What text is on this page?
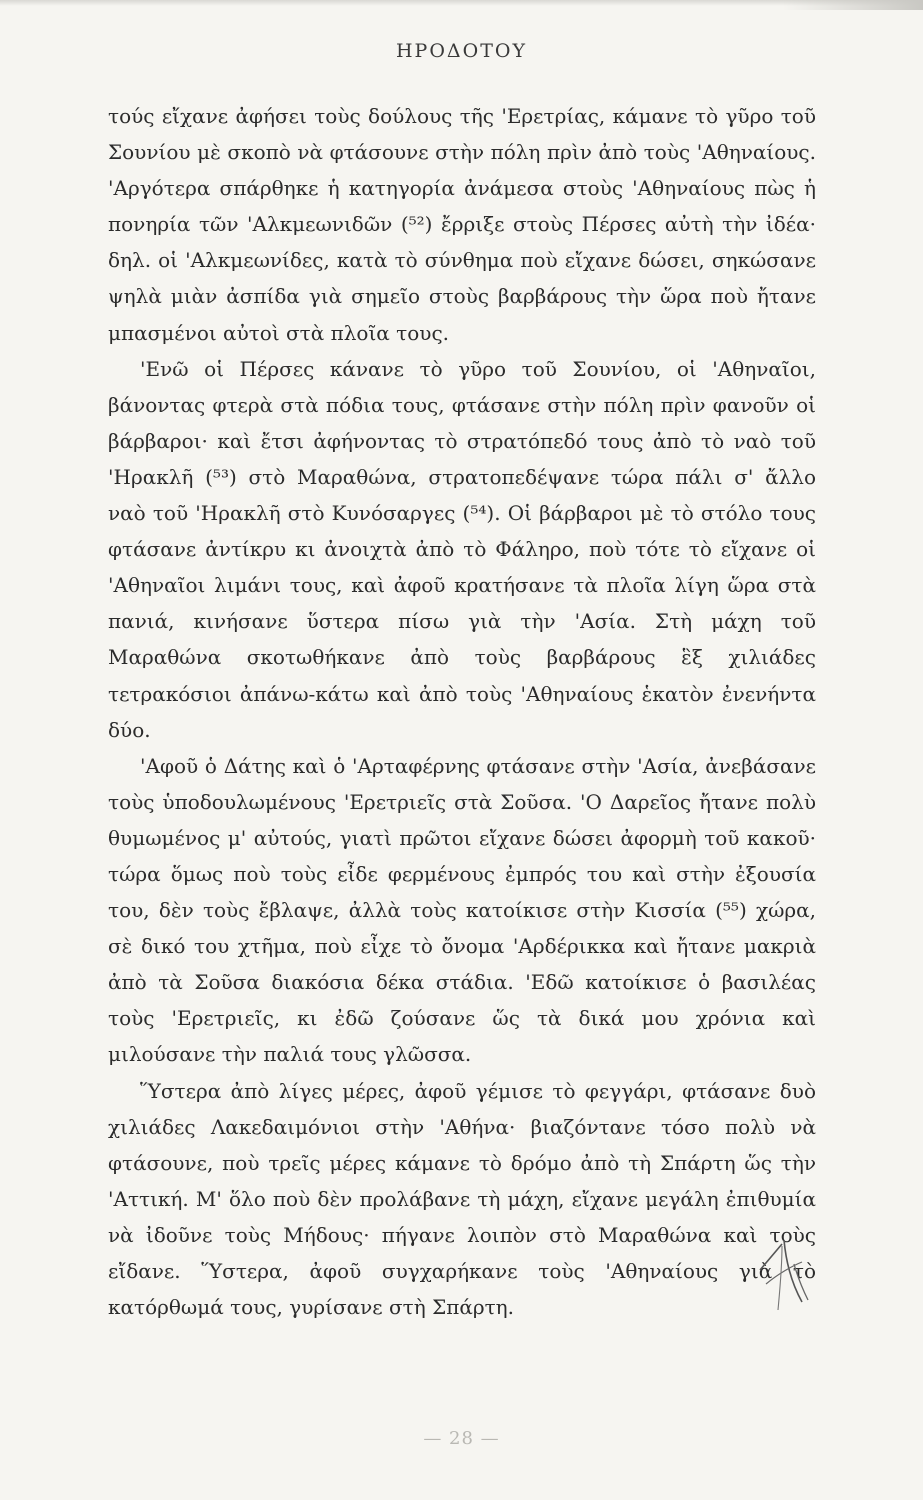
ΗΡΟΔΟΤΟΥ

τούς εἴχανε ἀφήσει τοὺς δούλους τῆς 'Ερετρίας, κάμανε τὸ γῦρο τοῦ Σουνίου μὲ σκοπὸ νὰ φτάσουνε στὴν πόλη πρὶν ἀπὸ τοὺς 'Αθηναίους. 'Αργότερα σπάρθηκε ἡ κατηγορία ἀνάμεσα στοὺς 'Αθηναίους πὼς ἡ πονηρία τῶν 'Αλκμεωνιδῶν (⁵²) ἔρριξε στοὺς Πέρσες αὐτὴ τὴν ἰδέα· δηλ. οἱ 'Αλκμεωνίδες, κατὰ τὸ σύνθημα ποὺ εἴχανε δώσει, σηκώσανε ψηλὰ μιὰν ἀσπίδα γιὰ σημεῖο στοὺς βαρβάρους τὴν ὥρα ποὺ ἤτανε μπασμένοι αὐτοὶ στὰ πλοῖα τους.

'Ενῶ οἱ Πέρσες κάνανε τὸ γῦρο τοῦ Σουνίου, οἱ 'Αθηναῖοι, βάνοντας φτερὰ στὰ πόδια τους, φτάσανε στὴν πόλη πρὶν φανοῦν οἱ βάρβαροι· καὶ ἔτσι ἀφήνοντας τὸ στρατόπεδό τους ἀπὸ τὸ ναὸ τοῦ 'Ηρακλῆ (⁵³) στὸ Μαραθώνα, στρατοπεδέψανε τώρα πάλι σ' ἄλλο ναὸ τοῦ 'Ηρακλῆ στὸ Κυνόσαργες (⁵⁴). Οἱ βάρβαροι μὲ τὸ στόλο τους φτάσανε ἀντίκρυ κι ἀνοιχτὰ ἀπὸ τὸ Φάληρο, ποὺ τότε τὸ εἴχανε οἱ 'Αθηναῖοι λιμάνι τους, καὶ ἀφοῦ κρατήσανε τὰ πλοῖα λίγη ὥρα στὰ πανιά, κινήσανε ὕστερα πίσω γιὰ τὴν 'Ασία. Στὴ μάχη τοῦ Μαραθώνα σκοτωθήκανε ἀπὸ τοὺς βαρβάρους ἓξ χιλιάδες τετρακόσιοι ἀπάνω-κάτω καὶ ἀπὸ τοὺς 'Αθηναίους ἑκατὸν ἐνενήντα δύο.

'Αφοῦ ὁ Δάτης καὶ ὁ 'Αρταφέρνης φτάσανε στὴν 'Ασία, ἀνεβάσανε τοὺς ὑποδουλωμένους 'Ερετριεῖς στὰ Σοῦσα. 'Ο Δαρεῖος ἤτανε πολὺ θυμωμένος μ' αὐτούς, γιατὶ πρῶτοι εἴχανε δώσει ἀφορμὴ τοῦ κακοῦ· τώρα ὅμως ποὺ τοὺς εἶδε φερμένους ἐμπρός του καὶ στὴν ἐξουσία του, δὲν τοὺς ἔβλαψε, ἀλλὰ τοὺς κατοίκισε στὴν Κισσία (⁵⁵) χώρα, σὲ δικό του χτῆμα, ποὺ εἶχε τὸ ὄνομα 'Αρδέρικκα καὶ ἤτανε μακριὰ ἀπὸ τὰ Σοῦσα διακόσια δέκα στάδια. 'Εδῶ κατοίκισε ὁ βασιλέας τοὺς 'Ερετριεῖς, κι ἐδῶ ζούσανε ὥς τὰ δικά μου χρόνια καὶ μιλούσανε τὴν παλιά τους γλῶσσα.

Ὕστερα ἀπὸ λίγες μέρες, ἀφοῦ γέμισε τὸ φεγγάρι, φτάσανε δυὸ χιλιάδες Λακεδαιμόνιοι στὴν 'Αθήνα· βιαζόντανε τόσο πολὺ νὰ φτάσουνε, ποὺ τρεῖς μέρες κάμανε τὸ δρόμο ἀπὸ τὴ Σπάρτη ὥς τὴν 'Αττική. Μ' ὅλο ποὺ δὲν προλάβανε τὴ μάχη, εἴχανε μεγάλη ἐπιθυμία νὰ ἰδοῦνε τοὺς Μήδους· πήγανε λοιπὸν στὸ Μαραθώνα καὶ τοὺς εἴδανε. Ὕστερα, ἀφοῦ συγχαρήκανε τοὺς 'Αθηναίους γιὰ τὸ κατόρθωμά τους, γυρίσανε στὴ Σπάρτη.

— 28 —
